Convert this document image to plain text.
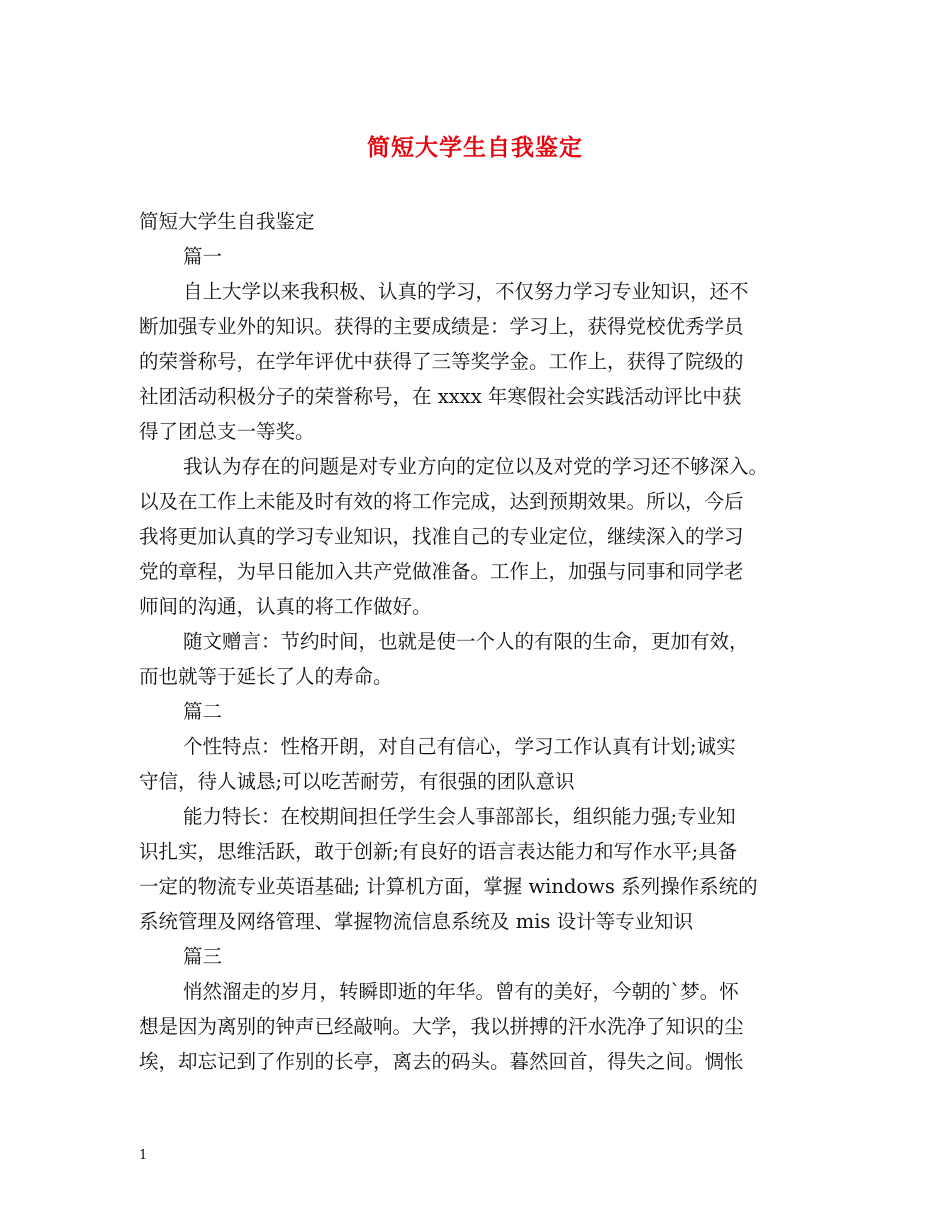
简短大学生自我鉴定

简短大学生自我鉴定

篇一

自上大学以来我积极、认真的学习，不仅努力学习专业知识，还不

断加强专业外的知识。获得的主要成绩是：学习上，获得党校优秀学员

的荣誉称号，在学年评优中获得了三等奖学金。工作上，获得了院级的

社团活动积极分子的荣誉称号，在 xxxx 年寒假社会实践活动评比中获

得了团总支一等奖。

我认为存在的问题是对专业方向的定位以及对党的学习还不够深入。

以及在工作上未能及时有效的将工作完成，达到预期效果。所以，今后

我将更加认真的学习专业知识，找准自己的专业定位，继续深入的学习

党的章程，为早日能加入共产党做准备。工作上，加强与同事和同学老

师间的沟通，认真的将工作做好。

随文赠言：节约时间，也就是使一个人的有限的生命，更加有效，

而也就等于延长了人的寿命。

篇二

个性特点：性格开朗，对自己有信心，学习工作认真有计划;诚实

守信，待人诚恳;可以吃苦耐劳，有很强的团队意识

能力特长：在校期间担任学生会人事部部长，组织能力强;专业知

识扎实，思维活跃，敢于创新;有良好的语言表达能力和写作水平;具备

一定的物流专业英语基础; 计算机方面，掌握 windows 系列操作系统的

系统管理及网络管理、掌握物流信息系统及 mis 设计等专业知识

篇三

悄然溜走的岁月，转瞬即逝的年华。曾有的美好，今朝的`梦。怀

想是因为离别的钟声已经敲响。大学，我以拼搏的汗水洗净了知识的尘

埃，却忘记到了作别的长亭，离去的码头。暮然回首，得失之间。惆怅

1
